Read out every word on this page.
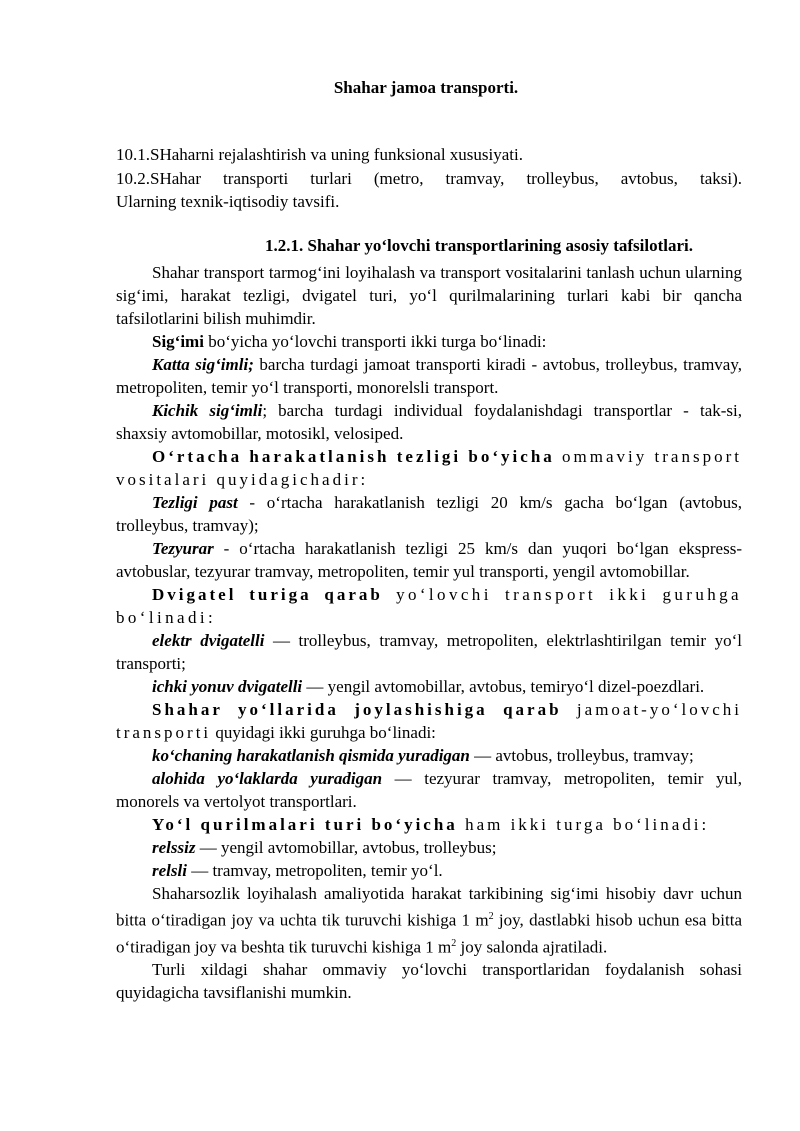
Shahar jamoa transporti.
10.1.SHaharni rejalashtirish va uning funksional xususiyati.
10.2.SHahar transporti turlari (metro, tramvay, trolleybus, avtobus, taksi).
Ularning texnik-iqtisodiy tavsifi.
1.2.1. Shahar yo‘lovchi transportlarining asosiy tafsilotlari.

Shahar transport tarmog‘ini loyihalash va transport vositalarini tanlash uchun ularning sig‘imi, harakat tezligi, dvigatel turi, yo‘l qurilmalarining turlari kabi bir qancha tafsilotlarini bilish muhimdir.

Sig‘imi bo‘yicha yo‘lovchi transporti ikki turga bo‘linadi:

Katta sig‘imli; barcha turdagi jamoat transporti kiradi - avtobus, trolleybus, tramvay, metropoliten, temir yo‘l transporti, monorelsli transport.

Kichik sig‘imli; barcha turdagi individual foydalanishdagi transportlar - tak-si, shaxsiy avtomobillar, motosikl, velosiped.

O‘rtacha harakatlanish tezligi bo‘yicha ommaviy transport vositalari quyidagichadir:

Tezligi past - o‘rtacha harakatlanish tezligi 20 km/s gacha bo‘lgan (avtobus, trolleybus, tramvay);

Tezyurar - o‘rtacha harakatlanish tezligi 25 km/s dan yuqori bo‘lgan ekspress-avtobuslar, tezyurar tramvay, metropoliten, temir yul transporti, yengil avtomobillar.

Dvigatel turiga qarab yo‘lovchi transport ikki guruhga bo‘linadi:

elektr dvigatelli — trolleybus, tramvay, metropoliten, elektrlashtirilgan temir yo‘l transporti;

ichki yonuv dvigatelli — yengil avtomobillar, avtobus, temiryo‘l dizel-poezdlari.

Shahar yo‘llarida joylashishiga qarab jamoat-yo‘lovchi transporti quyidagi ikki guruhga bo‘linadi:

ko‘chaning harakatlanish qismida yuradigan — avtobus, trolleybus, tramvay;

alohida yo‘laklarda yuradigan — tezyurar tramvay, metropoliten, temir yul, monorels va vertolyot transportlari.

Yo‘l qurilmalari turi bo‘yicha ham ikki turga bo‘linadi:

relssiz — yengil avtomobillar, avtobus, trolleybus;

relsli — tramvay, metropoliten, temir yo‘l.

Shaharsozlik loyihalash amaliyotida harakat tarkibining sig‘imi hisobiy davr uchun bitta o‘tiradigan joy va uchta tik turuvchi kishiga 1 $m^2$ joy, dastlabki hisob uchun esa bitta o‘tiradigan joy va beshta tik turuvchi kishiga 1 $m^2$ joy salonda ajratiladi.

Turli xildagi shahar ommaviy yo‘lovchi transportlaridan foydalanish sohasi quyidagicha tavsiflanishi mumkin.
